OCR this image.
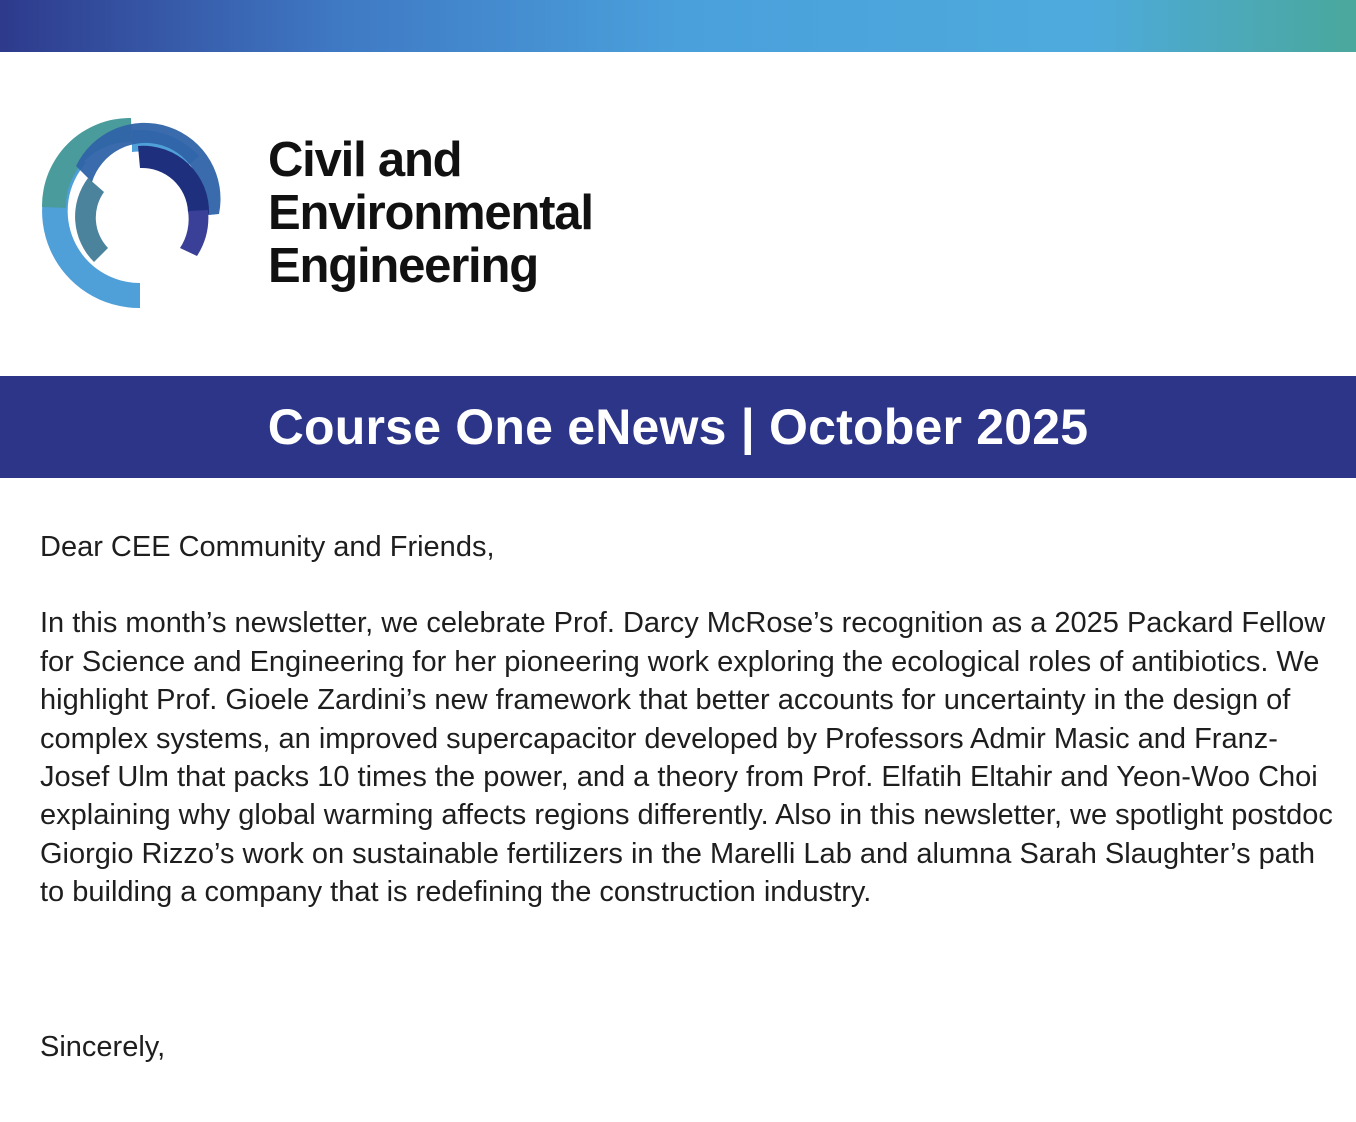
Civil and
Environmental
Engineering
Course One eNews | October 2025

Dear CEE Community and Friends,

In this month’s newsletter, we celebrate Prof. Darcy McRose’s recognition as a 2025 Packard Fellow for Science and Engineering for her pioneering work exploring the ecological roles of antibiotics. We highlight Prof. Gioele Zardini’s new framework that better accounts for uncertainty in the design of complex systems, an improved supercapacitor developed by Professors Admir Masic and Franz-Josef Ulm that packs 10 times the power, and a theory from Prof. Elfatih Eltahir and Yeon-Woo Choi explaining why global warming affects regions differently. Also in this newsletter, we spotlight postdoc Giorgio Rizzo’s work on sustainable fertilizers in the Marelli Lab and alumna Sarah Slaughter’s path to building a company that is redefining the construction industry.

Sincerely,
